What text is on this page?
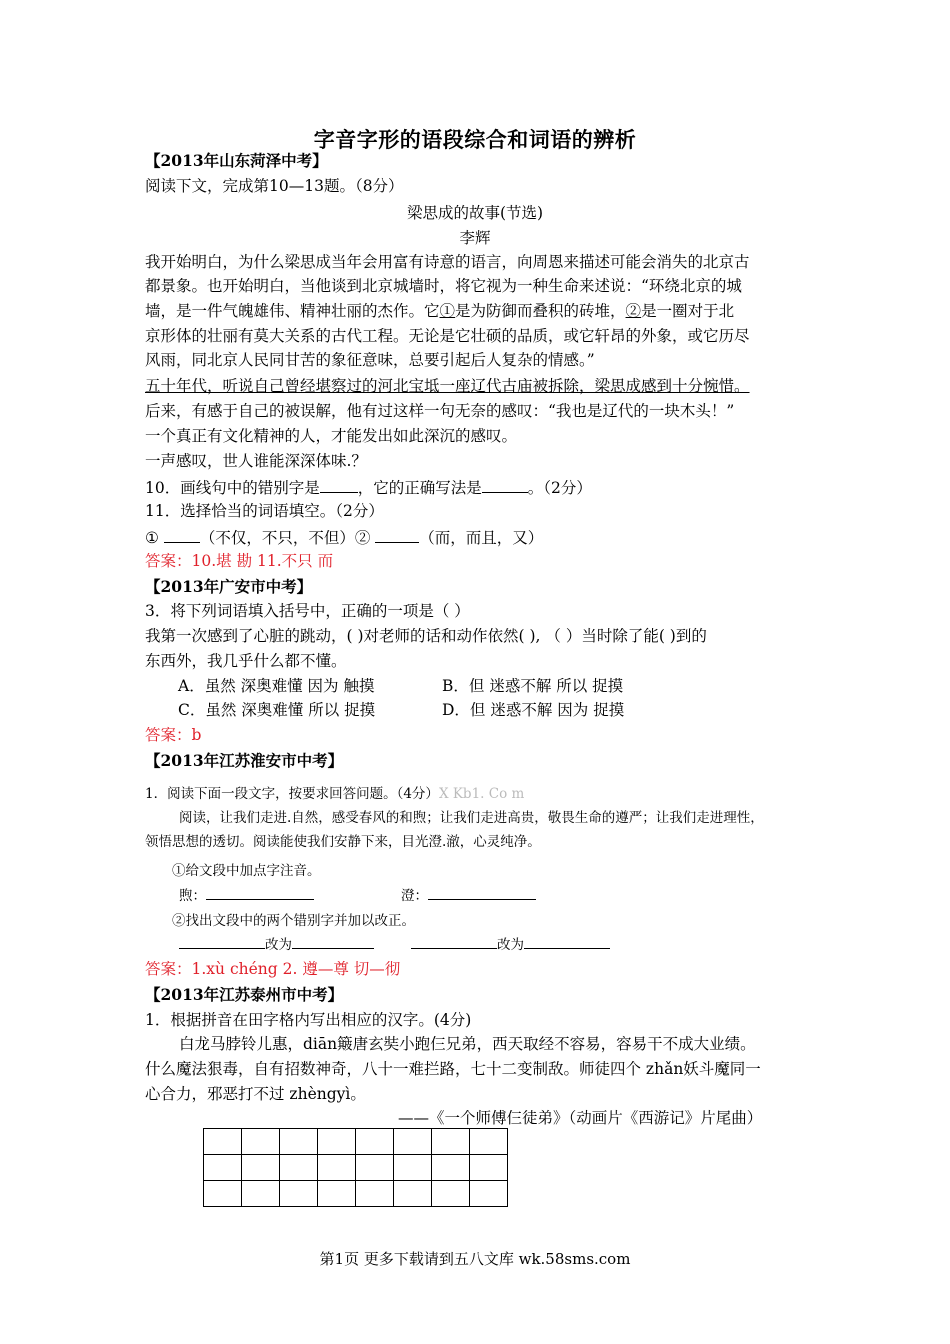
字音字形的语段综合和词语的辨析
【2013年山东菏泽中考】
阅读下文，完成第10—13题。（8分）
梁思成的故事(节选)
李辉
我开始明白，为什么梁思成当年会用富有诗意的语言，向周恩来描述可能会消失的北京古
都景象。也开始明白，当他谈到北京城墙时，将它视为一种生命来述说：“环绕北京的城
墙，是一件气魄雄伟、精神壮丽的杰作。它①是为防御而叠积的砖堆，②是一圈对于北
京形体的壮丽有莫大关系的古代工程。无论是它壮硕的品质，或它轩昂的外象，或它历尽
风雨，同北京人民同甘苦的象征意味，总要引起后人复杂的情感。”
五十年代，听说自己曾经堪察过的河北宝坻一座辽代古庙被拆除，梁思成感到十分惋惜。
后来，有感于自己的被误解，他有过这样一句无奈的感叹：“我也是辽代的一块木头！”
一个真正有文化精神的人，才能发出如此深沉的感叹。
一声感叹，世人谁能深深体味.？
10．画线句中的错别字是 ，它的正确写法是	。（2分）
11．选择恰当的词语填空。（2分）
①	（不仅，不只，不但）②	（而，而且，又）
答案：10.堪 勘 11.不只 而
【2013年广安市中考】
3．将下列词语填入括号中，正确的一项是（ ）
我第一次感到了心脏的跳动，( )对老师的话和动作依然( ), （ ）当时除了能( )到的
东西外，我几乎什么都不懂。
A．虽然 深奥难懂 因为 触摸	B．但 迷惑不解 所以 捉摸
C．虽然 深奥难懂 所以 捉摸	D．但 迷惑不解 因为 捉摸
答案：b
【2013年江苏淮安市中考】
1．阅读下面一段文字，按要求回答问题。（4分）X Kb1. Co m
阅读，让我们走进.自然，感受春风的和煦；让我们走进高贵，敬畏生命的遵严；让我们走进理性，
领悟思想的透切。阅读能使我们安静下来，目光澄.澈，心灵纯净。
①给文段中加点字注音。
煦：	澄：
②找出文段中的两个错别字并加以改正。
改为	改为
答案：1.xù chéng 2. 遵—尊 切—彻
【2013年江苏泰州市中考】
1．根据拼音在田字格内写出相应的汉字。(4分)
白龙马脖铃儿惠，diān簸唐玄奘小跑仨兄弟，西天取经不容易，容易干不成大业绩。
什么魔法狠毒，自有招数神奇，八十一难拦路，七十二变制敌。师徒四个 zhǎn妖斗魔同一
心合力，邪恶打不过 zhèngyì。
——《一个师傅仨徒弟》（动画片《西游记》片尾曲）

第1页 更多下载请到五八文库 wk.58sms.com
